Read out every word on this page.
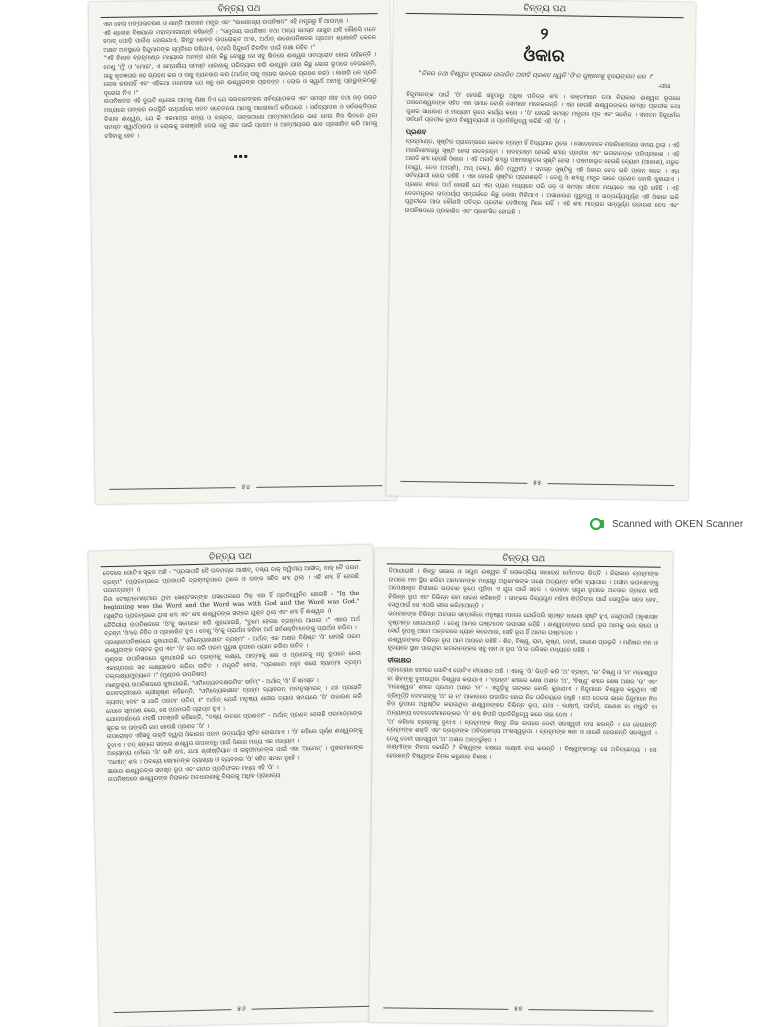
ଚିନ୍ତ୍ୟ ପଥ
ଏବା ହେଲା ମଙ୍ଗଳାଚରଣ ଓ ଶାନ୍ତି ଆବାହନ ମନ୍ତ୍ର ଏବଂ "ଈଶାବାସ୍ୟ ଉପନିଷଦ" ଏହି ମନ୍ତ୍ରରୁ ହିଁ ଆରମ୍ଭ ।
ଏହି ଶ୍ଳୋକ ବିଷୟରେ ମହାତ୍ମାଗାନ୍ଧୀ କହିଛନ୍ତି : "ସମୁଦାୟ ଉପନିଷଦ ତଥା ଅନ୍ୟ ସମସ୍ତ ଶାସ୍ତ୍ର ଯଦି କୌଣସି ମତେ ହଠାତ୍ ପୋଡ଼ି ପାଉଁଶ ହୋଇଯାଏ, କିନ୍ତୁ କେବଳ ଉପରୋକ୍ତ ଅଂଶ, ଅର୍ଥାତ୍ ଈଶୋପନିଷଦର ପ୍ରଥମ ଶ୍ଳୋକଟି କେବଳ ଅକ୍ଷତ ଅବସ୍ଥାରେ ହିନ୍ଦୁମାନଙ୍କ ସ୍ମୃତିରେ ରହିଯାଏ, ତଥାପି ହିନ୍ଦୁଧର୍ମ ଚିରଦିନ ପାଇଁ ରକ୍ଷା ରହିବ ।"
"ଏହି ବିଶାଳ ବ୍ରହ୍ମାଣ୍ଡ ମଧ୍ୟରେ ଅନନ୍ତ ଯାହା କିଛୁ ଦେଖୁଛୁ ସେ ସବୁ ଭିତରେ ଈଶ୍ୱର ଓତପ୍ରୋତ ହୋଇ ରହିଛନ୍ତି । ତେଣୁ 'ମୁଁ' ଓ 'ମୋର', ଏ ସମ୍ପର୍କୀୟ ସମସ୍ତ ଧାରଣାକୁ ପରିତ୍ୟାଗ କରି ଈଶ୍ୱର ଯାହା କିଛୁ ଭୋଗ ରୂପରେ ଦେଇଛନ୍ତି, ତାକୁ କୃତଜ୍ଞତାର ସହ ଗ୍ରହଣ କର ଓ ତାକୁ ବ୍ୟବହାର କର (ଅର୍ଥାତ୍ ତାକୁ ତ୍ୟାଗ ଭାବରେ ଗ୍ରହଣ କର) । କାହାରି ଧନ ପ୍ରତି ଲୋଭ କରନାହିଁ ଏବଂ ଏହିକଥା ମନେରଖ ଯେ ସବୁ ଧନ ଈଶ୍ୱରଙ୍କ ପ୍ରଦତ୍ତ । ଲୋଭ ଓ ସ୍ୱାର୍ଥ ଆମକୁ ପ୍ରଭୁଙ୍କଠାରୁ ଦୂରେଇ ନିଏ ।"
ଉପନିଷଦର ଏହି ଦୁଇଟି ଶ୍ଳୋକ ଆମକୁ ଶିକ୍ଷା ଦିଏ ଯେ ଭଗବାନଙ୍କର ସର୍ବବ୍ୟାପକତା ଏବଂ ସମସ୍ତ ଜୀବ ତଥା ଜଡ଼ ଜଗତ ମଧ୍ୟରେ ତାଙ୍କର ଉପସ୍ଥିତି ସମ୍ପର୍କରେ ସତତ ସଚେତନତା ଆମକୁ ଆଲୋକାର୍ଥ କରିପାରେ । ସର୍ବବ୍ୟାପକ ଓ ସର୍ବଶକ୍ତିମାନ ବିଶାଳ ଈଶ୍ୱର, ଯେ କି ଏକମାତ୍ର ସତ୍ୟ ଓ ବାସ୍ତବ, ତାଙ୍କଠାରେ ଆତ୍ମସମର୍ପଣର ଭାବ ନେଇ ନିଜ ଭିତରେ ଥିବା ସମସ୍ତ ସ୍ୱାର୍ଥପରତା ଓ ଲୋଭକୁ ଜଳାଞ୍ଜଳି ଦେଇ ସବୁ ଜୀବ ପାଇଁ ପ୍ରେମ ଓ ଆତ୍ମୀୟତାର ଭାବ ପ୍ରସାରିତ କରି ଆମକୁ ବଞ୍ଚିବାକୁ ହେବ ।
▪▪▪
୫୪
ଚିନ୍ତ୍ୟ ପଥ
୨
ଓଁକାର
"ନିଜର ତଥା ବିଶ୍ୱର ହୃଦୟରେ ଉଚ୍ଚାରିତ ଅନାଦି ପ୍ରଣବ ଧ୍ୱନି 'ଓଁ'ର ଗୁଞ୍ଜନକୁ ହୃଦୟଙ୍ଗମ କର ।"
-ଗୀତା
ହିନ୍ଦୁମାନଙ୍କ ପାଇଁ 'ଓଁ' ହେଉଛି ସବୁଠାରୁ ଅଧିକ ପବିତ୍ର ଶବ୍ଦ । ଭକ୍ତମାନେ ତଥା ନିରାକାର ଈଶ୍ୱର ରୂପରେ ପରମେଶ୍ୱରଙ୍କ ସହିତ ଏହା ସମାନ ବୋଲି ସେମାନେ ମନେକରନ୍ତି । ଏହା ହେଉଛି ଈଶ୍ୱରଙ୍କର ସମସ୍ତ ପ୍ରତୀକ ତଥା ଗୁଣର ସାଧାରଣ ଓ ମାଧ୍ୟମ ରୂପେ କାର୍ଯ୍ୟ କରେ । 'ଓଁ' ହେଉଛି ସମସ୍ତ ମନ୍ତ୍ରର ମୂଳ ଏବଂ ସର୍ବୋଚ୍ଚ । ସନାତନ ହିନ୍ଦୁଧର୍ମର ସର୍ବଧର୍ମ ପ୍ରତୀକ ରୂପେ ବିଶ୍ୱବ୍ୟାପୀ ଓ ପ୍ରତିନିଧିତ୍ୱ କରିଛି ଏହି 'ଓଁ' ।
ପ୍ରଣବ
ବ୍ରହ୍ମାଣ୍ଡ, ସୃଷ୍ଟିର ପ୍ରାରମ୍ଭରେ କେବଳ ବ୍ରହ୍ମ ହିଁ ବିଦ୍ୟମାନ ଥିଲେ । ସେତେବେଳେ ମହାନିଃଶବ୍ଦତାର ସମୟ ଥିଲା । ଏହି ମହାନିଃଶବ୍ଦତାରୁ ସୃଷ୍ଟି ହେଲା ନାଦବ୍ରହ୍ମ । ନାଦବ୍ରହ୍ମ ହେଉଛି ଶବ୍ଦର ପ୍ରତୀକ ଏବଂ ଭଗବାନଙ୍କ ପରିପ୍ରକାଶ । ଏହି ଅନାଦି ଶବ୍ଦ ହେଉଛି ଓଁକାର । ଏହି ଅନାଦି ଶବ୍ଦରୁ ପଞ୍ଚମହାଭୂତର ସୃଷ୍ଟି ହେଲା । ପଞ୍ଚମହାଭୂତ ହେଉଛି ବ୍ୟୋମ (ଆକାଶ), ମରୁତ (ବାୟୁ), ତେଜ (ଅଗ୍ନି), ଅପ୍ (ଜଳ), କ୍ଷିତି (ପୃଥିବୀ) । ସମସ୍ତ ସୃଷ୍ଟିକୁ ଏହି ଓଁକାର ବେଦ ଭଳି ପାଳନ କରେ । ଏହା ସର୍ବବ୍ୟାପୀ ହୋଇ ରହିଛି । ଏହା ହେଉଛି ସୃଷ୍ଟିର ପ୍ରାଣଶକ୍ତି । ତେଣୁ ଓଁ ଶବ୍ଦକୁ ମନ୍ତ୍ର ଭାବେ ପ୍ରଣବ ବୋଲି କୁହାଯାଏ । ପ୍ରଣବ ଶବ୍ଦର ଅର୍ଥ ହେଉଛି ଯେ ଏହା ପ୍ରାଣ ମଧ୍ୟରେ ପରି ଜଡ଼ ଓ ସମସ୍ତ ଜୀବନ ମଧ୍ୟରେ ଏହା ପୂରି ରହିଛି । ଏହି ବେଦମନ୍ତ୍ରର ତାତ୍ପର୍ଯ୍ୟ ସମ୍ପର୍କରେ କିଛୁ ଲେଖା ମିଳିଥାଏ । ଅସାଧାରଣ ଗୁରୁତ୍ୱ ଓ ତାତ୍ପର୍ଯ୍ୟପୂର୍ଣ୍ଣ ଏହି ଓଁକାର ଭଳି ପୃଥିବୀରେ ଆଉ କୌଣସି ପବିତ୍ର ପ୍ରତୀକ ଦେଖିବାକୁ ମିଳେ ନାହିଁ । ଏହି ଶବ୍ଦ ମାତ୍ରାର ସମ୍ପୂର୍ଣ୍ଣ ଉଚ୍ଚାରଣ ବେଦ ଏବଂ ଉପନିଷଦରେ ପ୍ରକାଶିତ ଏବଂ ପ୍ରଶଂସିତ ହୋଇଛି ।
୫୫
Scanned with OKEN Scanner
ଚିନ୍ତ୍ୟ ପଥ
ବେଦରେ ଗୋଟିଏ ସୂକ୍ତ ଅଛି - "ପ୍ରଜାପତି ବୈ ଇଦମଗ୍ର ଆସୀତ୍, ତସ୍ୟ ବାକ୍ ଦ୍ୱିତୀୟ ଆସୀତ୍, ବାକ୍ ବୈ ପରମ ବ୍ରହ୍ମ" (ପ୍ରାରମ୍ଭରେ ପ୍ରଜାପତି ବ୍ରହ୍ମରୂପରେ ଥିଲେ ଓ ତାଙ୍କ ସହିତ ଶବ୍ଦ ଥିଲା । ଏହି ଶବ୍ଦ ହିଁ ହେଉଛି ପରମବ୍ରହ୍ମ ।)
ନିଉ ଟେଷ୍ଟାମେଣ୍ଟରେ ଥିବା ସେଣ୍ଟଜନ୍‌ଙ୍କ ଗସପେଲରେ ଠିକ୍ ଏହା ହିଁ ପ୍ରତିଧ୍ୱନିତ ହୋଇଛି - "In the beginning was the Word and the Word was with God and the Word was God." (ସୃଷ୍ଟିର ପ୍ରାରମ୍ଭରେ ଥିଲା ଶବ୍ଦ ଏବଂ ଶବ୍ଦ ଈଶ୍ୱରଙ୍କ ସଙ୍ଗେ ଯୁକ୍ତ ଥିଲା ଏବଂ ଶବ୍ଦ ହିଁ ଈଶ୍ୱର ।)
ତୈତିରୀୟ ଉପନିଷଦରେ 'ଓଁ'କୁ ସମୋଧନ କରି କୁହାଯାଇଛି, "ତୁମେ ହେଉଛ ବ୍ରହ୍ମର ଆଧାର ।" ଏହାର ଅର୍ଥ ବ୍ରହ୍ମ 'ଓଁ'ରେ ନିହିତ ଓ ପ୍ରକାଶିତ ହୁଏ । ତେଣୁ 'ଓଁ'କୁ ପ୍ରାର୍ଥନା କରିବା ଅର୍ଥ ସର୍ବଶକ୍ତିମାନଙ୍କୁ ପ୍ରାର୍ଥନା କରିବା ।
ପ୍ରଶ୍ନୋପନିଷଦରେ କୁହାଯାଇଛି, "ଓମିତ୍ୟେକାକ୍ଷରଂ ବ୍ରହ୍ମ" - ଅର୍ଥାତ୍ ଏକ ଅକ୍ଷର ବିଶିଷ୍ଟ 'ଓଁ' ହେଉଛି ପରମ ଈଶ୍ୱରଙ୍କ ବାସ୍ତବ ରୂପ ଏବଂ 'ଓଁ' ଜପ କରି ପରମ ପୁରୁଷ ରୂପରେ ଧ୍ୟାନ କରିବା ଉଚିତ ।
ମୁଣ୍ଡକ ଉପନିଷଦରେ କୁହାଯାଇଛି ଯେ ବ୍ରହ୍ମକୁ ଲକ୍ଷ୍ୟ, ଆତ୍ମାକୁ ଶର ଓ ପ୍ରଣବକୁ ଧନୁ ରୂପରେ ନେଇ ଏକାଗ୍ରତାର ସହ ଲକ୍ଷ୍ୟଭେଦ କରିବା ଉଚିତ । ମନ୍ତ୍ରଟି ହେଲା, "ପ୍ରଣବୋ ଧନୁଃ ଶରୋ ହ୍ୟାତ୍ମା ବ୍ରହ୍ମ ତଲ୍ଲକ୍ଷ୍ୟମୁଚ୍ୟତେ ।" (ମୁଣ୍ଡକ ଉପନିଷଦ)
ମାଣ୍ଡୁକ୍ୟ ଉପନିଷଦରେ କୁହାଯାଇଛି, "ଓମିତ୍ୟେତଦକ୍ଷରମିଦଂ ସର୍ବମ୍" - ଅର୍ଥାତ୍ 'ଓଁ' ହିଁ ସମସ୍ତ ।
ଭଗବଦ୍‌ଗୀତାରେ ଶ୍ରୀକୃଷ୍ଣ କହିଛନ୍ତି, "ଓମିତ୍ୟେକାକ୍ଷରଂ ବ୍ରହ୍ମ ବ୍ୟାହରନ୍ ମାମନୁସ୍ମରନ୍ । ଯଃ ପ୍ରୟାତି ତ୍ୟଜନ୍ ଦେହଂ ସ ଯାତି ପରମାଂ ଗତିମ୍ ॥" ଅର୍ଥାତ୍ ଯେଉଁ ମନୁଷ୍ୟ ଶରୀର ତ୍ୟାଗ ସମୟରେ 'ଓଁ' ଉଚ୍ଚାରଣ କରି ମୋତେ ସ୍ମରଣ କରେ, ସେ ପରମଗତି ପ୍ରାପ୍ତ ହୁଏ ।
ଯୋଗଦର୍ଶନରେ ମହର୍ଷି ପତଞ୍ଜଳି କହିଛନ୍ତି, "ତସ୍ୟ ବାଚକଃ ପ୍ରଣବଃ" - ଅର୍ଥାତ୍ ପ୍ରଣବ ହେଉଛି ପରମାତ୍ମାଙ୍କ ସୂଚକ ବା ତାଙ୍କରି ନାମ ହେଉଛି ପ୍ରଣବ 'ଓଁ' ।
ଉପରୋକ୍ତ ଏହିସବୁ ଉକ୍ତି ଦ୍ୱାରା ଓଁକାରର ପରମ ତାତ୍ପର୍ଯ୍ୟ ସୂଚିତ ହୋଇଥାଏ । 'ଓଁ' କହିଲେ ପୂର୍ଣ୍ଣ ଈଶ୍ୱରଙ୍କୁ ବୁଝାଏ । ତତ୍ ସଙ୍ଗେ ସଙ୍ଗେ ଈଶ୍ୱର ଉପଲବ୍ଧି ପାଇଁ ଓଁକାର ମଧ୍ୟ ଏକ ମାଧ୍ୟମ ।
ଅନ୍ୟାନ୍ୟ ଧର୍ମରେ 'ଓଁ' ଭଳି ଶବ୍ଦ, ଯଥା ଖ୍ରୀଷ୍ଟିୟାନ ଓ ଇହୁଦୀମାନଙ୍କ ପାଇଁ ଏହା 'ଆମେନ୍' । ମୁସଲମାନଙ୍କ 'ଆମୀନ୍' ଶବ୍ଦ । ଅବଶ୍ୟ ସେମାନଙ୍କ ବ୍ୟାଖ୍ୟା ଓ ବ୍ୟବହାର 'ଓଁ' ସହିତ ସମାନ ନୁହେଁ ।
ସାକାର ଈଶ୍ୱରଙ୍କ ସମସ୍ତ ରୂପ ଏବଂ ନାମର ପ୍ରତିଫଳନ ମଧ୍ୟ ଏହି 'ଓଁ' ।
ଉପନିଷଦରେ ଈଶ୍ୱରଙ୍କ ନିରାକାର ଅବଧାରଣାକୁ ବିଚାରକୁ ଅଧିକ ପ୍ରାଧାନ୍ୟ
୫୬
ଚିନ୍ତ୍ୟ ପଥ
ଦିଆଯାଇଛି । କିନ୍ତୁ ସାକାର ଓ ସଗୁଣ ଈଶ୍ୱର ହିଁ ଲୋକପ୍ରିୟ ସାଧାରଣ ଧର୍ମମତର ଭିତ୍ତି । ନିରାକାର ବ୍ରହ୍ମଙ୍କ ଉପରେ ମନ ସ୍ଥିର କରିବା ଆମମାନଙ୍କ ମଧ୍ୟରୁ ଅଧିକାଂଶଙ୍କ ପକ୍ଷେ ଅତ୍ୟନ୍ତ କଠିନ ବ୍ୟାପାର । ଅସୀମ ଭଗବାନଙ୍କୁ ଅପେକ୍ଷାକୃତ ନିରାକାର ଭଗବାନ ରୂପେ ପୂଜିବା ଏ ଯୁଗ ପାଇଁ ସହଜ । ଭଗବାନ ସଗୁଣ ରୂପରେ ଅବତାର ଗ୍ରହଣ କରି ବିଭିନ୍ନ ରୂପ ଏବଂ ବିଭିନ୍ନ ନାମ ଧାରଣ କରିଛନ୍ତି । ତାଙ୍କର ଦିବ୍ୟଗୁଣ ମହିମା କିର୍ତ୍ତିଙ୍କ ପାଇଁ ସେଗୁଡ଼ିକ ସହଜ ହେବ, ସେଥିପାଇଁ ସେ ଏପରି ଲୀଳା କରିଥାଆନ୍ତି ।
ଭଗବାନଙ୍କ ବିଭିନ୍ନ ଅବତାର ସମ୍ପର୍କରେ ମନୁଷ୍ୟ ମନରେ ଯେଉଁପରି ସ୍ପଷ୍ଟ ଧାରଣା ସୃଷ୍ଟି ହୁଏ, ସେଥିପାଇଁ ଅନୁଶାସନ ଦୃଷ୍ଟାନ୍ତ ହୋଇଥାନ୍ତି । ତେଣୁ ଆମର ଇଷ୍ଟଦେବ ଉପାସନା ରହିଛି । ଈଶ୍ୱରଙ୍କର ଯେଉଁ ରୂପ ଆମକୁ ଭଲ ଲାଗେ ଓ ସେଇଁ ରୂପକୁ ଆମେ ଅନ୍ତରରେ ଧ୍ୟାନ କରେଥାଉ, ସେହି ରୂପ ହିଁ ଆମର ଇଷ୍ଟଦେବ ।
ଈଶ୍ୱରଙ୍କର ବିଭିନ୍ନ ରୂପ ଆମ ଆଗରେ ରହିଛି - ଶିବ, ବିଷ୍ଣୁ, ରାମ, କୃଷ୍ଣ, ଦେବୀ, ଗଣେଶ ପ୍ରଭୃତି । ମଣିଷର ମନ ଓ ହୃଦୟରେ ସ୍ଥାନ ପାଉଥିବା ଭଗବାନଙ୍କର ସବୁ ନାମ ଓ ରୂପ 'ଓଁ'ର ପରିସର ମଧ୍ୟରେ ରହିଛି ।
ବୀଜାକ୍ଷର
ପ୍ରତ୍ୟେକ ନାମରେ ଗୋଟିଏ ଗୋଟିଏ ବୀଜାକ୍ଷର ଅଛି । ଏହାକୁ 'ଓଁ' ଭିତ୍ତି କରି 'ଅ' ବ୍ରହ୍ମ, 'ଉ' ବିଷ୍ଣୁ ଓ 'ମ' ମହେଶ୍ୱର ବା ଶିବଙ୍କୁ ବୁଝାଉଥିବା ବିଶ୍ୱାସ କରାଯାଏ । 'ବ୍ରହ୍ମ' ଶବ୍ଦରେ ଶେଷ ଅକ୍ଷର 'ଅ', 'ବିଷ୍ଣୁ' ଶବ୍ଦର ଶେଷ ଅକ୍ଷର 'ଉ' ଏବଂ 'ମହେଶ୍ୱର' ଶବ୍ଦର ପ୍ରଥମ ଅକ୍ଷର 'ମ' - ଏଗୁଡ଼ିକୁ ତାଙ୍କର ବୋଲି କୁହାଯାଏ । ହିନ୍ଦୁମାନେ ବିଶ୍ୱାସ କରୁଥିବା ଏହି ତ୍ରିମୂର୍ତ୍ତି ଦେବତାଙ୍କୁ 'ଅ' ଉ ମ' ଆକାରରେ ଉଚ୍ଚାରିତ ହୋଇ ନିଜ ପରିଚୟରେ ରହୁଛି । ଛଅ ଦେବତା ଭାବେ ହିନ୍ଦୁମାନେ ନିଜ ନିଜ ରୂପରେ ଅଧିଷ୍ଠିତ କରାଇଥିବା ଈଶ୍ୱରଙ୍କର ବିଭିନ୍ନ ରୂପ, ଯଥା - ଲକ୍ଷ୍ମୀ, ପାର୍ବତୀ, ଗଣେଶ ବା ମାରୁତି ବା ଅନ୍ୟାନ୍ୟ ଦେବଦେବୀମାନଙ୍କର 'ଓଁ' ଶବ୍ଦ କିପରି ପ୍ରତିନିଧିତ୍ୱ କରେ ତାହା ଦେଖ ।
'ଅ' କହିଲେ ବ୍ରହ୍ମକୁ ବୁଝାଏ । ବ୍ରହ୍ମଙ୍କ କିନ୍ତୁ ଜିଭ ଉପରେ ଦେବୀ ସରସ୍ୱତୀ ବାସ କରନ୍ତି । ସେ ହେଉଛନ୍ତି ବ୍ରହ୍ମଙ୍କ ଶକ୍ତି ଏବଂ ବ୍ରହ୍ମଙ୍କ ଅବିଚ୍ଛେଦ୍ୟ ଅଂଶସ୍ୱରୂପା । ବ୍ରହ୍ମଙ୍କ ଜ୍ଞାନ ଓ ଧାରଣି ହେଉଛନ୍ତି ସରସ୍ୱତୀ । ତେଣୁ ଦେବୀ ସରସ୍ୱତୀ 'ଅ' ଅକ୍ଷର ଅନ୍ତର୍ଭୁକ୍ତ ।
ଲକ୍ଷ୍ମୀଙ୍କ ନିବାସ କେଉଁଠି ? ବିଷ୍ଣୁଙ୍କ ବକ୍ଷରେ ଲକ୍ଷ୍ମୀ ବାସ କରନ୍ତି । ବିଷ୍ଣୁଙ୍କଠାରୁ ସେ ଅବିଚ୍ଛେଦ୍ୟ । ସେ ହେଉଛନ୍ତି ବିଷ୍ଣୁଙ୍କ ବିମଳ କରୁଣାର ବିକାଶ ।
୫୭
